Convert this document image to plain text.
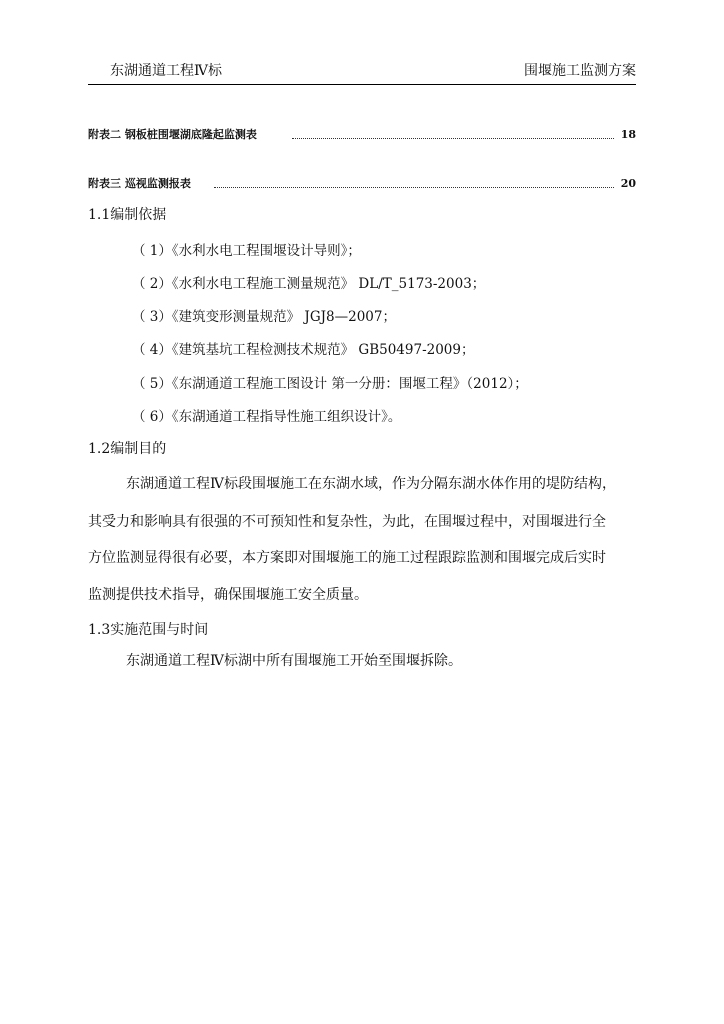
东湖通道工程Ⅳ标	围堰施工监测方案
附表二 钢板桩围堰湖底隆起监测表	18
附表三 巡视监测报表	20
1.1编制依据
（ 1）《水利水电工程围堰设计导则》；
（ 2）《水利水电工程施工测量规范》 DL/T_5173-2003；
（ 3）《建筑变形测量规范》 JGJ8—2007；
（ 4）《建筑基坑工程检测技术规范》 GB50497-2009；
（ 5）《东湖通道工程施工图设计 第一分册：围堰工程》（2012）；
（ 6）《东湖通道工程指导性施工组织设计》。
1.2编制目的
东湖通道工程Ⅳ标段围堰施工在东湖水域，作为分隔东湖水体作用的堤防结构，
其受力和影响具有很强的不可预知性和复杂性，为此，在围堰过程中，对围堰进行全
方位监测显得很有必要，本方案即对围堰施工的施工过程跟踪监测和围堰完成后实时
监测提供技术指导，确保围堰施工安全质量。
1.3实施范围与时间
东湖通道工程Ⅳ标湖中所有围堰施工开始至围堰拆除。
